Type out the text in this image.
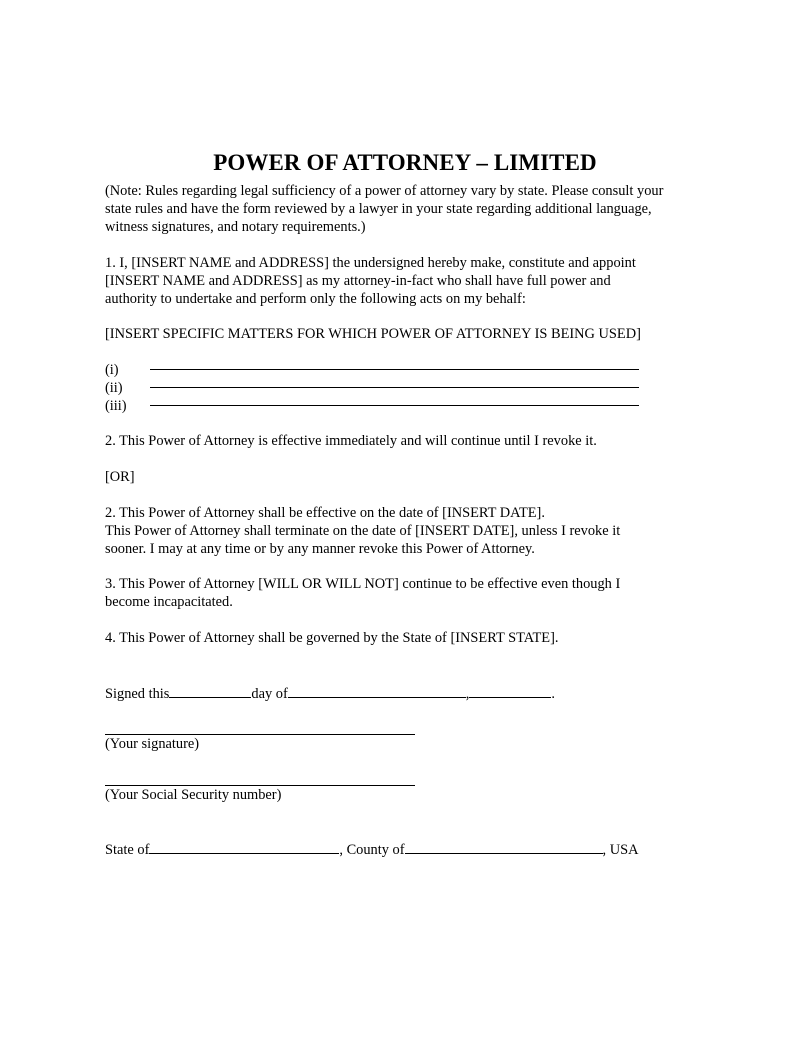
POWER OF ATTORNEY – LIMITED

(Note: Rules regarding legal sufficiency of a power of attorney vary by state. Please consult your
state rules and have the form reviewed by a lawyer in your state regarding additional language,
witness signatures, and notary requirements.)

1. I, [INSERT NAME and ADDRESS] the undersigned hereby make, constitute and appoint
[INSERT NAME and ADDRESS] as my attorney-in-fact who shall have full power and
authority to undertake and perform only the following acts on my behalf:

[INSERT SPECIFIC MATTERS FOR WHICH POWER OF ATTORNEY IS BEING USED]

(i)
(ii)
(iii)

2. This Power of Attorney is effective immediately and will continue until I revoke it.

[OR]

2. This Power of Attorney shall be effective on the date of [INSERT DATE].
This Power of Attorney shall terminate on the date of [INSERT DATE], unless I revoke it
sooner. I may at any time or by any manner revoke this Power of Attorney.

3. This Power of Attorney [WILL OR WILL NOT] continue to be effective even though I
become incapacitated.

4. This Power of Attorney shall be governed by the State of [INSERT STATE].

Signed this	day of	,	.

(Your signature)

(Your Social Security number)

State of	, County of	, USA
